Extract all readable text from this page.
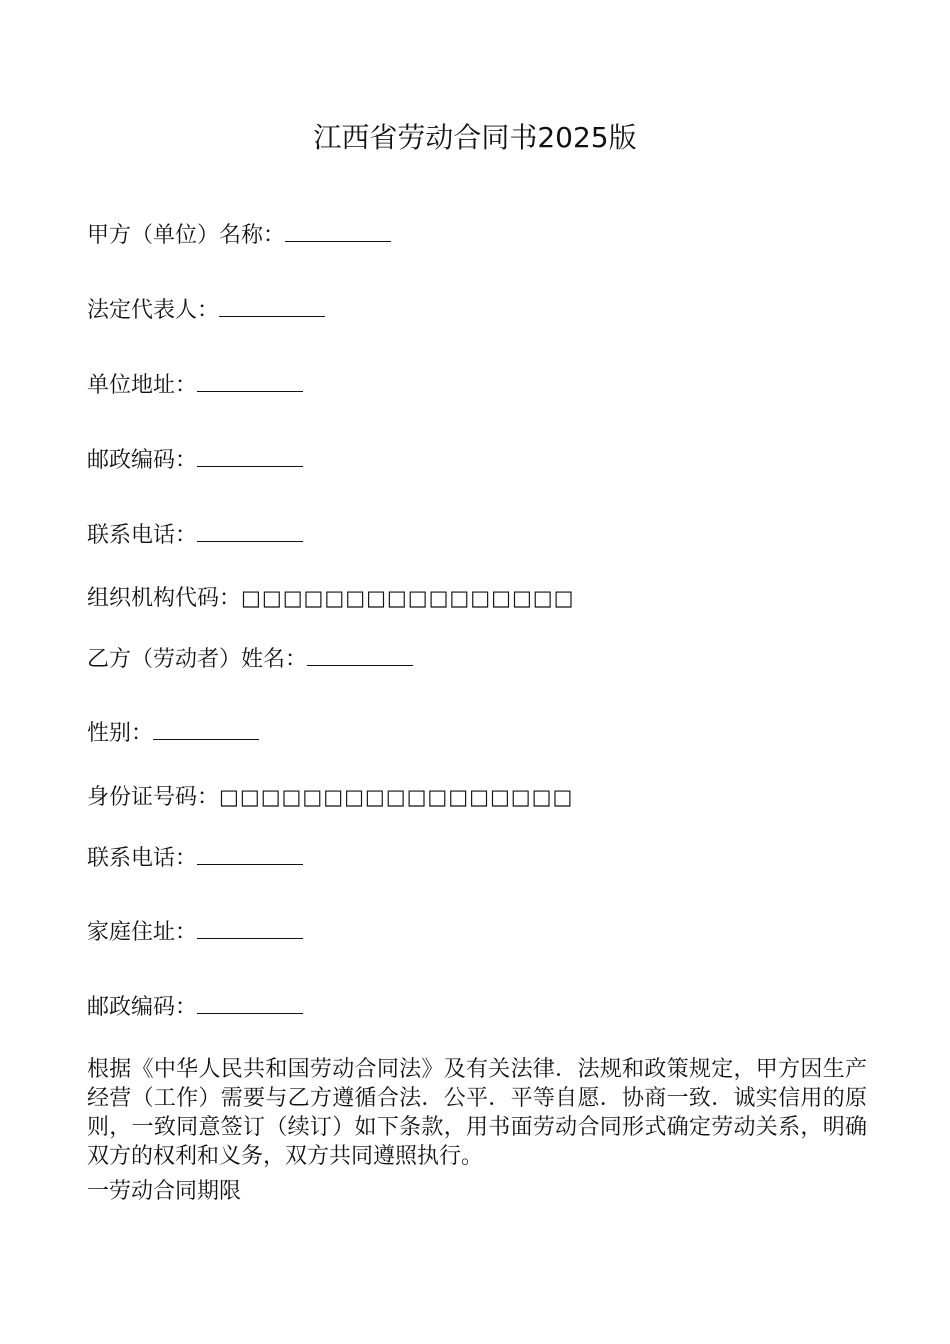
江西省劳动合同书2025版
甲方（单位）名称：
法定代表人：
单位地址：
邮政编码：
联系电话：
组织机构代码：□□□□□□□□□□□□□□□□
乙方（劳动者）姓名：
性别：
身份证号码：□□□□□□□□□□□□□□□□□
联系电话：
家庭住址：
邮政编码：
根据《中华人民共和国劳动合同法》及有关法律．法规和政策规定，甲方因生产经营（工作）需要与乙方遵循合法．公平．平等自愿．协商一致．诚实信用的原则，一致同意签订（续订）如下条款，用书面劳动合同形式确定劳动关系，明确双方的权利和义务，双方共同遵照执行。
一劳动合同期限
